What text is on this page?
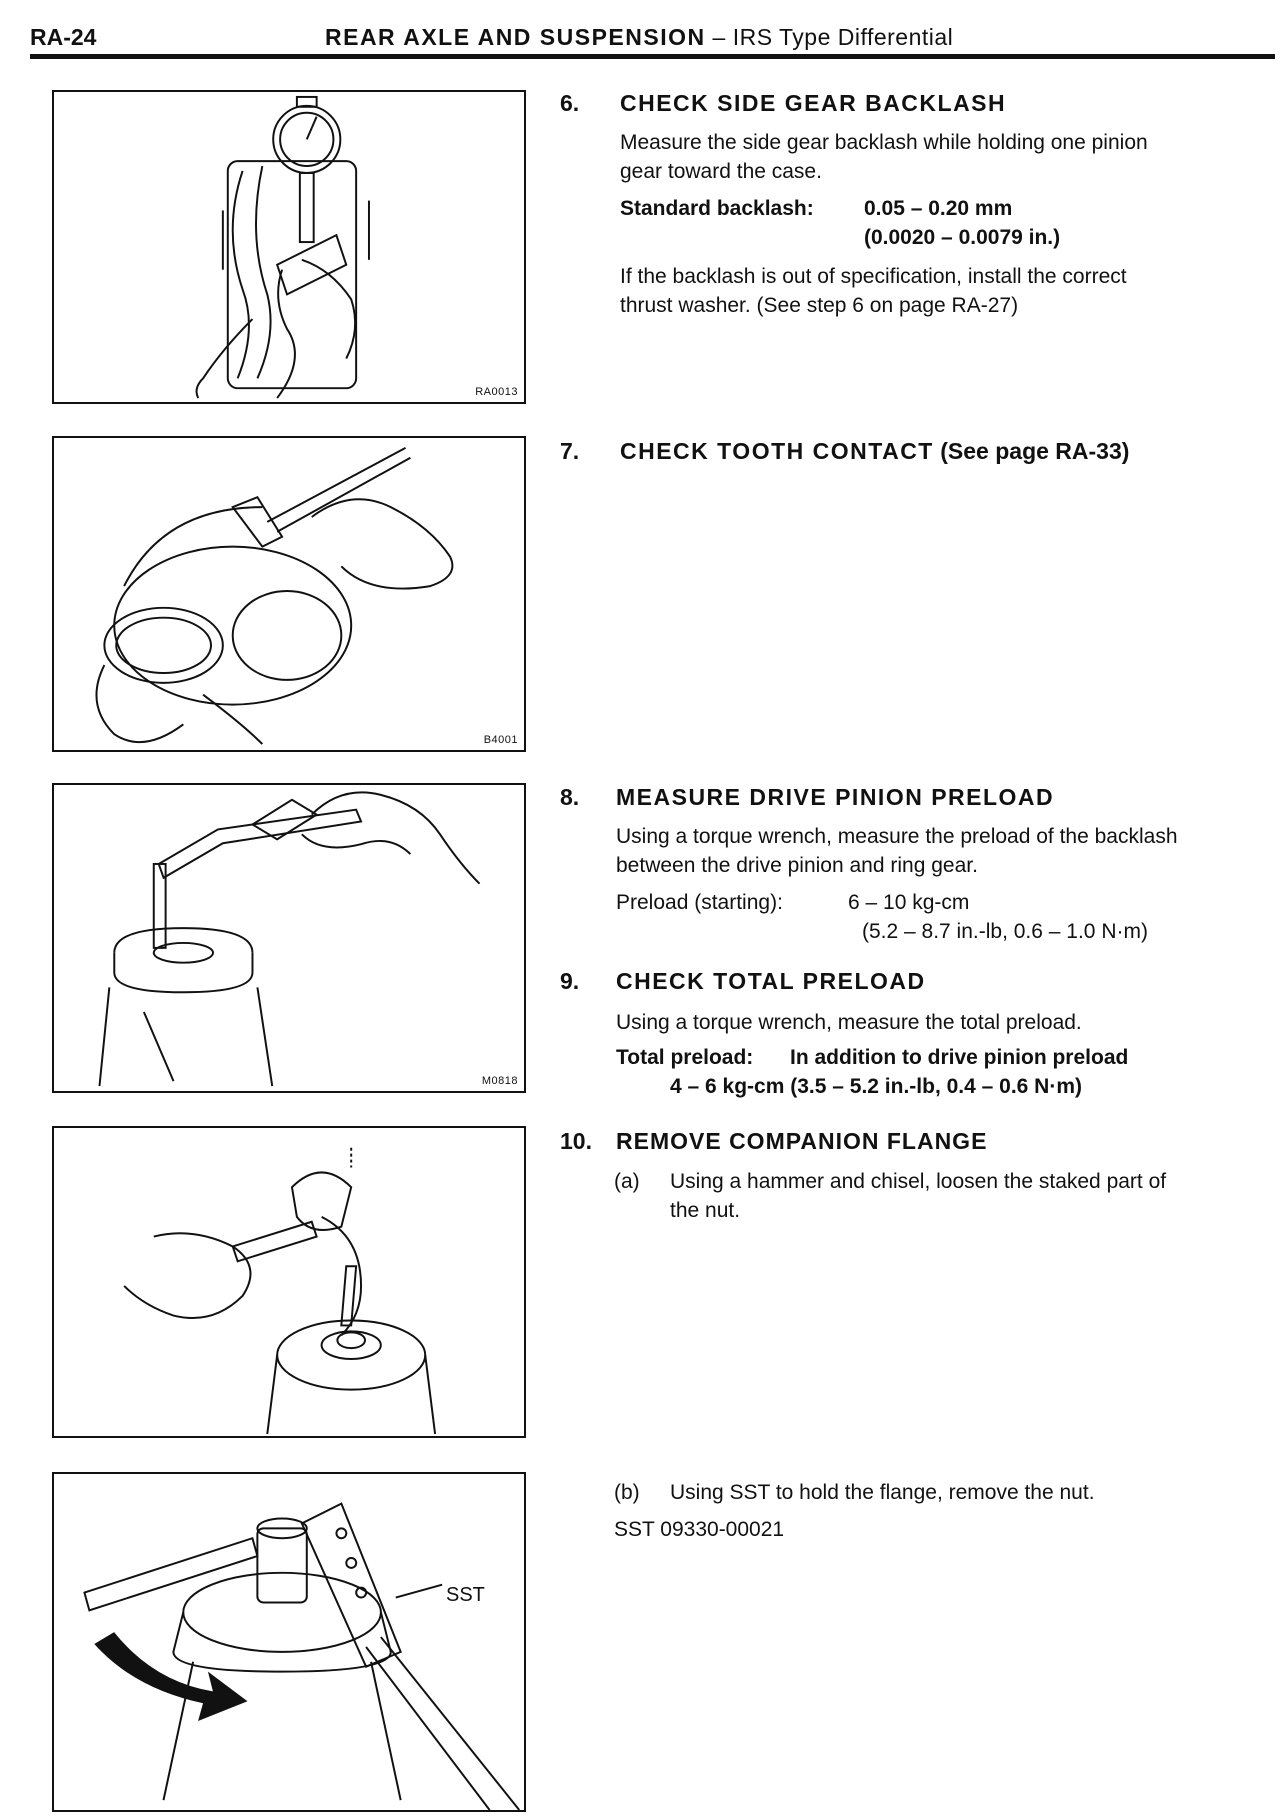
RA-24	REAR AXLE AND SUSPENSION – IRS Type Differential
RA0013
B4001
M0818
SST
6. CHECK SIDE GEAR BACKLASH
Measure the side gear backlash while holding one pinion
gear toward the case.
Standard backlash: 0.05 – 0.20 mm
(0.0020 – 0.0079 in.)
If the backlash is out of specification, install the correct
thrust washer. (See step 6 on page RA-27)
7. CHECK TOOTH CONTACT (See page RA-33)
8. MEASURE DRIVE PINION PRELOAD
Using a torque wrench, measure the preload of the backlash
between the drive pinion and ring gear.
Preload (starting):	6 – 10 kg-cm
(5.2 – 8.7 in.-lb, 0.6 – 1.0 N·m)
9. CHECK TOTAL PRELOAD
Using a torque wrench, measure the total preload.
Total preload: In addition to drive pinion preload
4 – 6 kg-cm (3.5 – 5.2 in.-lb, 0.4 – 0.6 N·m)
10. REMOVE COMPANION FLANGE
(a) Using a hammer and chisel, loosen the staked part of
the nut.
(b) Using SST to hold the flange, remove the nut.
SST 09330-00021
